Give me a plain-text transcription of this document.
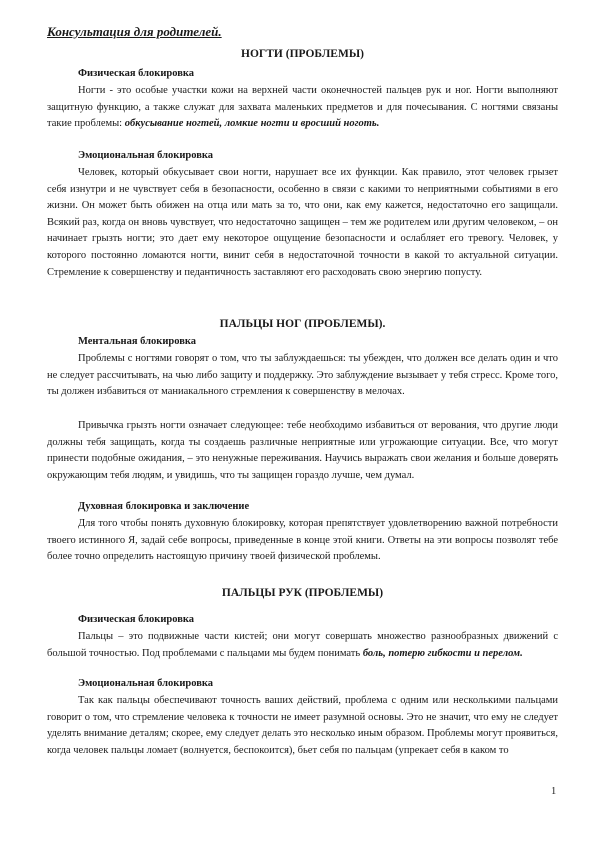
Консультация для родителей.
НОГТИ (ПРОБЛЕМЫ)
Физическая блокировка

Ногти - это особые участки кожи на верхней части оконечностей пальцев рук и ног. Ногти выполняют защитную функцию, а также служат для захвата маленьких предметов и для почесывания. С ногтями связаны такие проблемы: обкусывание ногтей, ломкие ногти и вросший ноготь.

Эмоциональная блокировка

Человек, который обкусывает свои ногти, нарушает все их функции. Как правило, этот человек грызет себя изнутри и не чувствует себя в безопасности, особенно в связи с какими то неприятными событиями в его жизни. Он может быть обижен на отца или мать за то, что они, как ему кажется, недостаточно его защищали. Всякий раз, когда он вновь чувствует, что недостаточно защищен – тем же родителем или другим человеком, – он начинает грызть ногти; это дает ему некоторое ощущение безопасности и ослабляет его тревогу. Человек, у которого постоянно ломаются ногти, винит себя в недостаточной точности в какой то актуальной ситуации. Стремление к совершенству и педантичность заставляют его расходовать свою энергию попусту.

ПАЛЬЦЫ НОГ (ПРОБЛЕМЫ).
Ментальная блокировка

Проблемы с ногтями говорят о том, что ты заблуждаешься: ты убежден, что должен все делать один и что не следует рассчитывать, на чью либо защиту и поддержку. Это заблуждение вызывает у тебя стресс. Кроме того, ты должен избавиться от маниакального стремления к совершенству в мелочах.

Привычка грызть ногти означает следующее: тебе необходимо избавиться от верования, что другие люди должны тебя защищать, когда ты создаешь различные неприятные или угрожающие ситуации. Все, что могут принести подобные ожидания, – это ненужные переживания. Научись выражать свои желания и больше доверять окружающим тебя людям, и увидишь, что ты защищен гораздо лучше, чем думал.

Духовная блокировка и заключение

Для того чтобы понять духовную блокировку, которая препятствует удовлетворению важной потребности твоего истинного Я, задай себе вопросы, приведенные в конце этой книги. Ответы на эти вопросы позволят тебе более точно определить настоящую причину твоей физической проблемы.

ПАЛЬЦЫ РУК (ПРОБЛЕМЫ)
Физическая блокировка

Пальцы – это подвижные части кистей; они могут совершать множество разнообразных движений с большой точностью. Под проблемами с пальцами мы будем понимать боль, потерю гибкости и перелом.

Эмоциональная блокировка

Так как пальцы обеспечивают точность ваших действий, проблема с одним или несколькими пальцами говорит о том, что стремление человека к точности не имеет разумной основы. Это не значит, что ему не следует уделять внимание деталям; скорее, ему следует делать это несколько иным образом. Проблемы могут проявиться, когда человек пальцы ломает (волнуется, беспокоится), бьет себя по пальцам (упрекает себя в каком то

1
